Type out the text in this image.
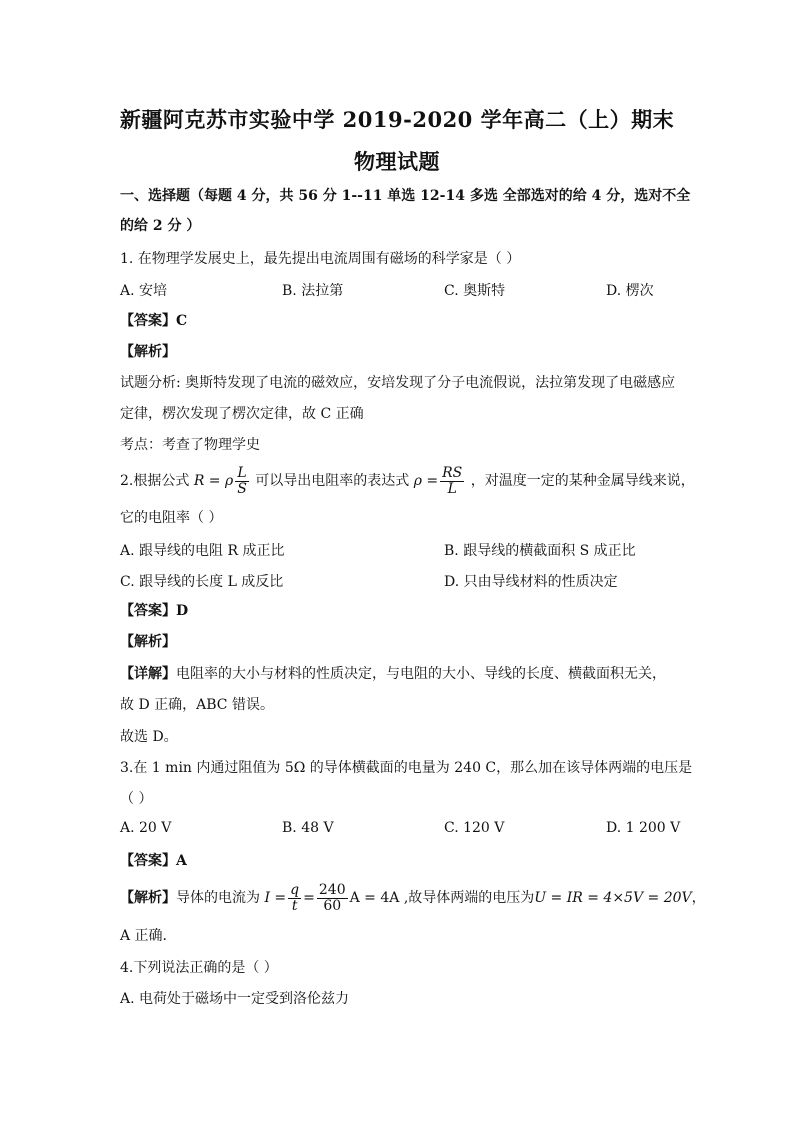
新疆阿克苏市实验中学 2019-2020 学年高二（上）期末
物理试题
一、选择题（每题 4 分，共 56 分 1--11 单选 12-14 多选 全部选对的给 4 分，选对不全
的给 2 分 ）
1. 在物理学发展史上，最先提出电流周围有磁场的科学家是（ ）
A. 安培	B. 法拉第	C. 奥斯特	D. 楞次
【答案】C
【解析】
试题分析: 奥斯特发现了电流的磁效应，安培发现了分子电流假说，法拉第发现了电磁感应
定律，楞次发现了楞次定律，故 C 正确
考点：考查了物理学史
2.根据公式 R = ρ $\frac{L}{S}$ 可以导出电阻率的表达式 $\rho = \frac{RS}{L}$ ，对温度一定的某种金属导线来说，
它的电阻率（ ）
A. 跟导线的电阻 R 成正比	B. 跟导线的横截面积 S 成正比
C. 跟导线的长度 L 成反比	D. 只由导线材料的性质决定
【答案】D
【解析】
【详解】电阻率的大小与材料的性质决定，与电阻的大小、导线的长度、横截面积无关，
故 D 正确，ABC 错误。
故选 D。
3.在 1 min 内通过阻值为 5Ω 的导体横截面的电量为 240 C，那么加在该导体两端的电压是
（ ）
A. 20 V	B. 48 V	C. 120 V	D. 1 200 V
【答案】A
【解析】导体的电流为 $I = \frac{q}{t} = \frac{240}{60}$ A = 4A ,故导体两端的电压为U = IR = 4×5V = 20V，
A 正确．
4.下列说法正确的是（ ）
A. 电荷处于磁场中一定受到洛伦兹力
